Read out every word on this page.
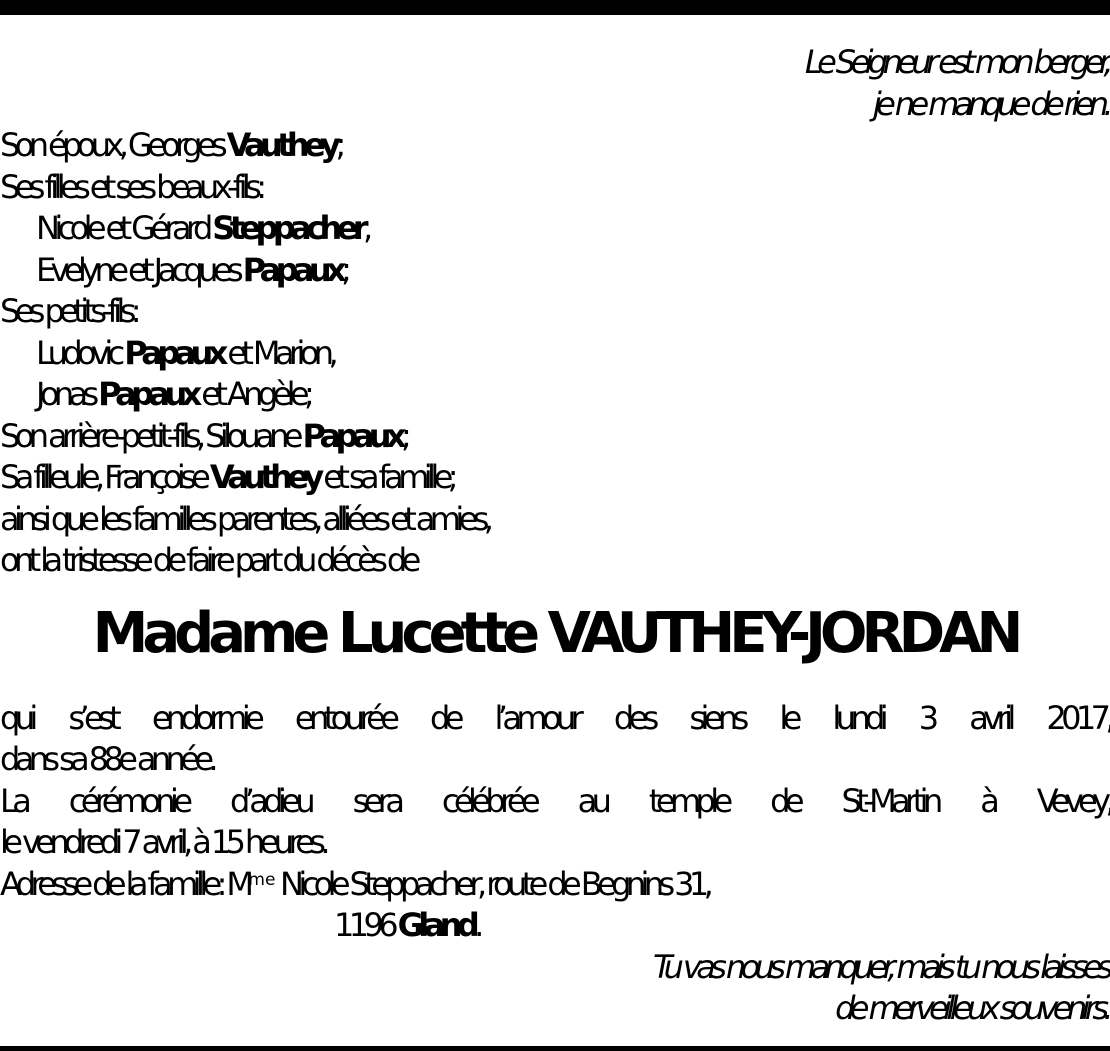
Le Seigneur est mon berger,
je ne manque de rien.
Son époux, Georges Vauthey;
Ses filles et ses beaux-fils:
Nicole et Gérard Steppacher,
Evelyne et Jacques Papaux;
Ses petits-fils:
Ludovic Papaux et Marion,
Jonas Papaux et Angèle;
Son arrière-petit-fils, Silouane Papaux;
Sa filleule, Françoise Vauthey et sa famille;
ainsi que les familles parentes, alliées et amies,
ont la tristesse de faire part du décès de
Madame Lucette VAUTHEY-JORDAN
qui s’est endormie entourée de l’amour des siens le lundi 3 avril 2017,
dans sa 88e année.
La cérémonie d’adieu sera célébrée au temple de St-Martin à Vevey,
le vendredi 7 avril, à 15 heures.
Adresse de la famille: $M^{me}$ Nicole Steppacher, route de Begnins 31,
1196 Gland.
Tu vas nous manquer, mais tu nous laisses
de merveilleux souvenirs.
